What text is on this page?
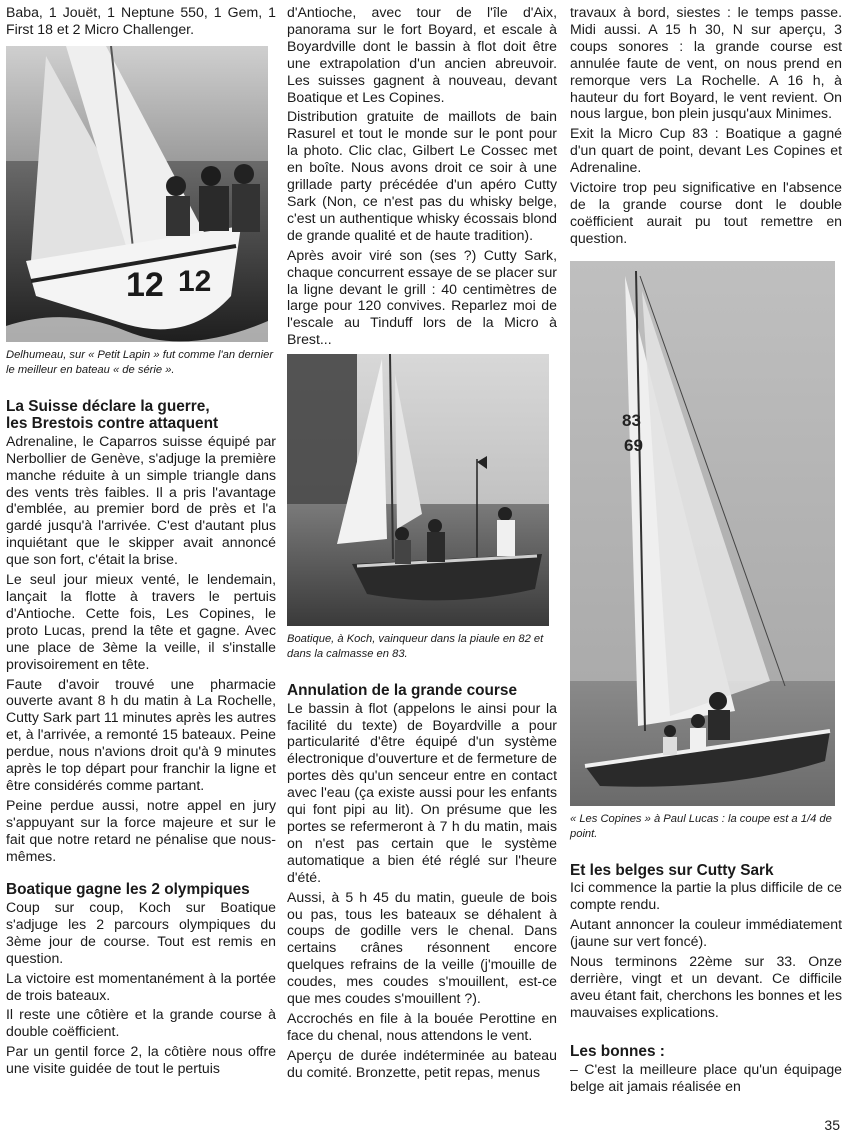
Baba, 1 Jouët, 1 Neptune 550, 1 Gem, 1 First 18 et 2 Micro Challenger.

12 12

Delhumeau, sur « Petit Lapin » fut comme l'an dernier le meilleur en bateau « de série ».

La Suisse déclare la guerre,

les Brestois contre attaquent

Adrenaline, le Caparros suisse équipé par Nerbollier de Genève, s'adjuge la première manche réduite à un simple triangle dans des vents très faibles. Il a pris l'avantage d'emblée, au premier bord de près et l'a gardé jusqu'à l'arrivée. C'est d'autant plus inquiétant que le skipper avait annoncé que son fort, c'était la brise.

Le seul jour mieux venté, le lendemain, lançait la flotte à travers le pertuis d'Antioche. Cette fois, Les Copines, le proto Lucas, prend la tête et gagne. Avec une place de 3ème la veille, il s'installe provisoirement en tête.

Faute d'avoir trouvé une pharmacie ouverte avant 8 h du matin à La Rochelle, Cutty Sark part 11 minutes après les autres et, à l'arrivée, a remonté 15 bateaux. Peine perdue, nous n'avions droit qu'à 9 minutes après le top départ pour franchir la ligne et être considérés comme partant.

Peine perdue aussi, notre appel en jury s'appuyant sur la force majeure et sur le fait que notre retard ne pénalise que nous-mêmes.

Boatique gagne les 2 olympiques

Coup sur coup, Koch sur Boatique s'adjuge les 2 parcours olympiques du 3ème jour de course. Tout est remis en question.

La victoire est momentanément à la portée de trois bateaux.

Il reste une côtière et la grande course à double coëfficient.

Par un gentil force 2, la côtière nous offre une visite guidée de tout le pertuis

d'Antioche, avec tour de l'île d'Aix, panorama sur le fort Boyard, et escale à Boyardville dont le bassin à flot doit être une extrapolation d'un ancien abreuvoir. Les suisses gagnent à nouveau, devant Boatique et Les Copines.

Distribution gratuite de maillots de bain Rasurel et tout le monde sur le pont pour la photo. Clic clac, Gilbert Le Cossec met en boîte. Nous avons droit ce soir à une grillade party précédée d'un apéro Cutty Sark (Non, ce n'est pas du whisky belge, c'est un authentique whisky écossais blond de grande qualité et de haute tradition).

Après avoir viré son (ses ?) Cutty Sark, chaque concurrent essaye de se placer sur la ligne devant le grill : 40 centimètres de large pour 120 convives. Reparlez moi de l'escale au Tinduff lors de la Micro à Brest...

Boatique, à Koch, vainqueur dans la piaule en 82 et dans la calmasse en 83.

Annulation de la grande course

Le bassin à flot (appelons le ainsi pour la facilité du texte) de Boyardville a pour particularité d'être équipé d'un système électronique d'ouverture et de fermeture de portes dès qu'un senceur entre en contact avec l'eau (ça existe aussi pour les enfants qui font pipi au lit). On présume que les portes se refermeront à 7 h du matin, mais on n'est pas certain que le système automatique a bien été réglé sur l'heure d'été.

Aussi, à 5 h 45 du matin, gueule de bois ou pas, tous les bateaux se déhalent à coups de godille vers le chenal. Dans certains crânes résonnent encore quelques refrains de la veille (j'mouille de coudes, mes coudes s'mouillent, est-ce que mes coudes s'mouillent ?).

Accrochés en file à la bouée Perottine en face du chenal, nous attendons le vent.

Aperçu de durée indéterminée au bateau du comité. Bronzette, petit repas, menus

travaux à bord, siestes : le temps passe. Midi aussi. A 15 h 30, N sur aperçu, 3 coups sonores : la grande course est annulée faute de vent, on nous prend en remorque vers La Rochelle. A 16 h, à hauteur du fort Boyard, le vent revient. On nous largue, bon plein jusqu'aux Minimes.

Exit la Micro Cup 83 : Boatique a gagné d'un quart de point, devant Les Copines et Adrenaline.

Victoire trop peu significative en l'absence de la grande course dont le double coëfficient aurait pu tout remettre en question.

83
69

« Les Copines » à Paul Lucas : la coupe est a 1/4 de point.

Et les belges sur Cutty Sark

Ici commence la partie la plus difficile de ce compte rendu.

Autant annoncer la couleur immédiatement (jaune sur vert foncé).

Nous terminons 22ème sur 33. Onze derrière, vingt et un devant. Ce difficile aveu étant fait, cherchons les bonnes et les mauvaises explications.

Les bonnes :

– C'est la meilleure place qu'un équipage belge ait jamais réalisée en

35
